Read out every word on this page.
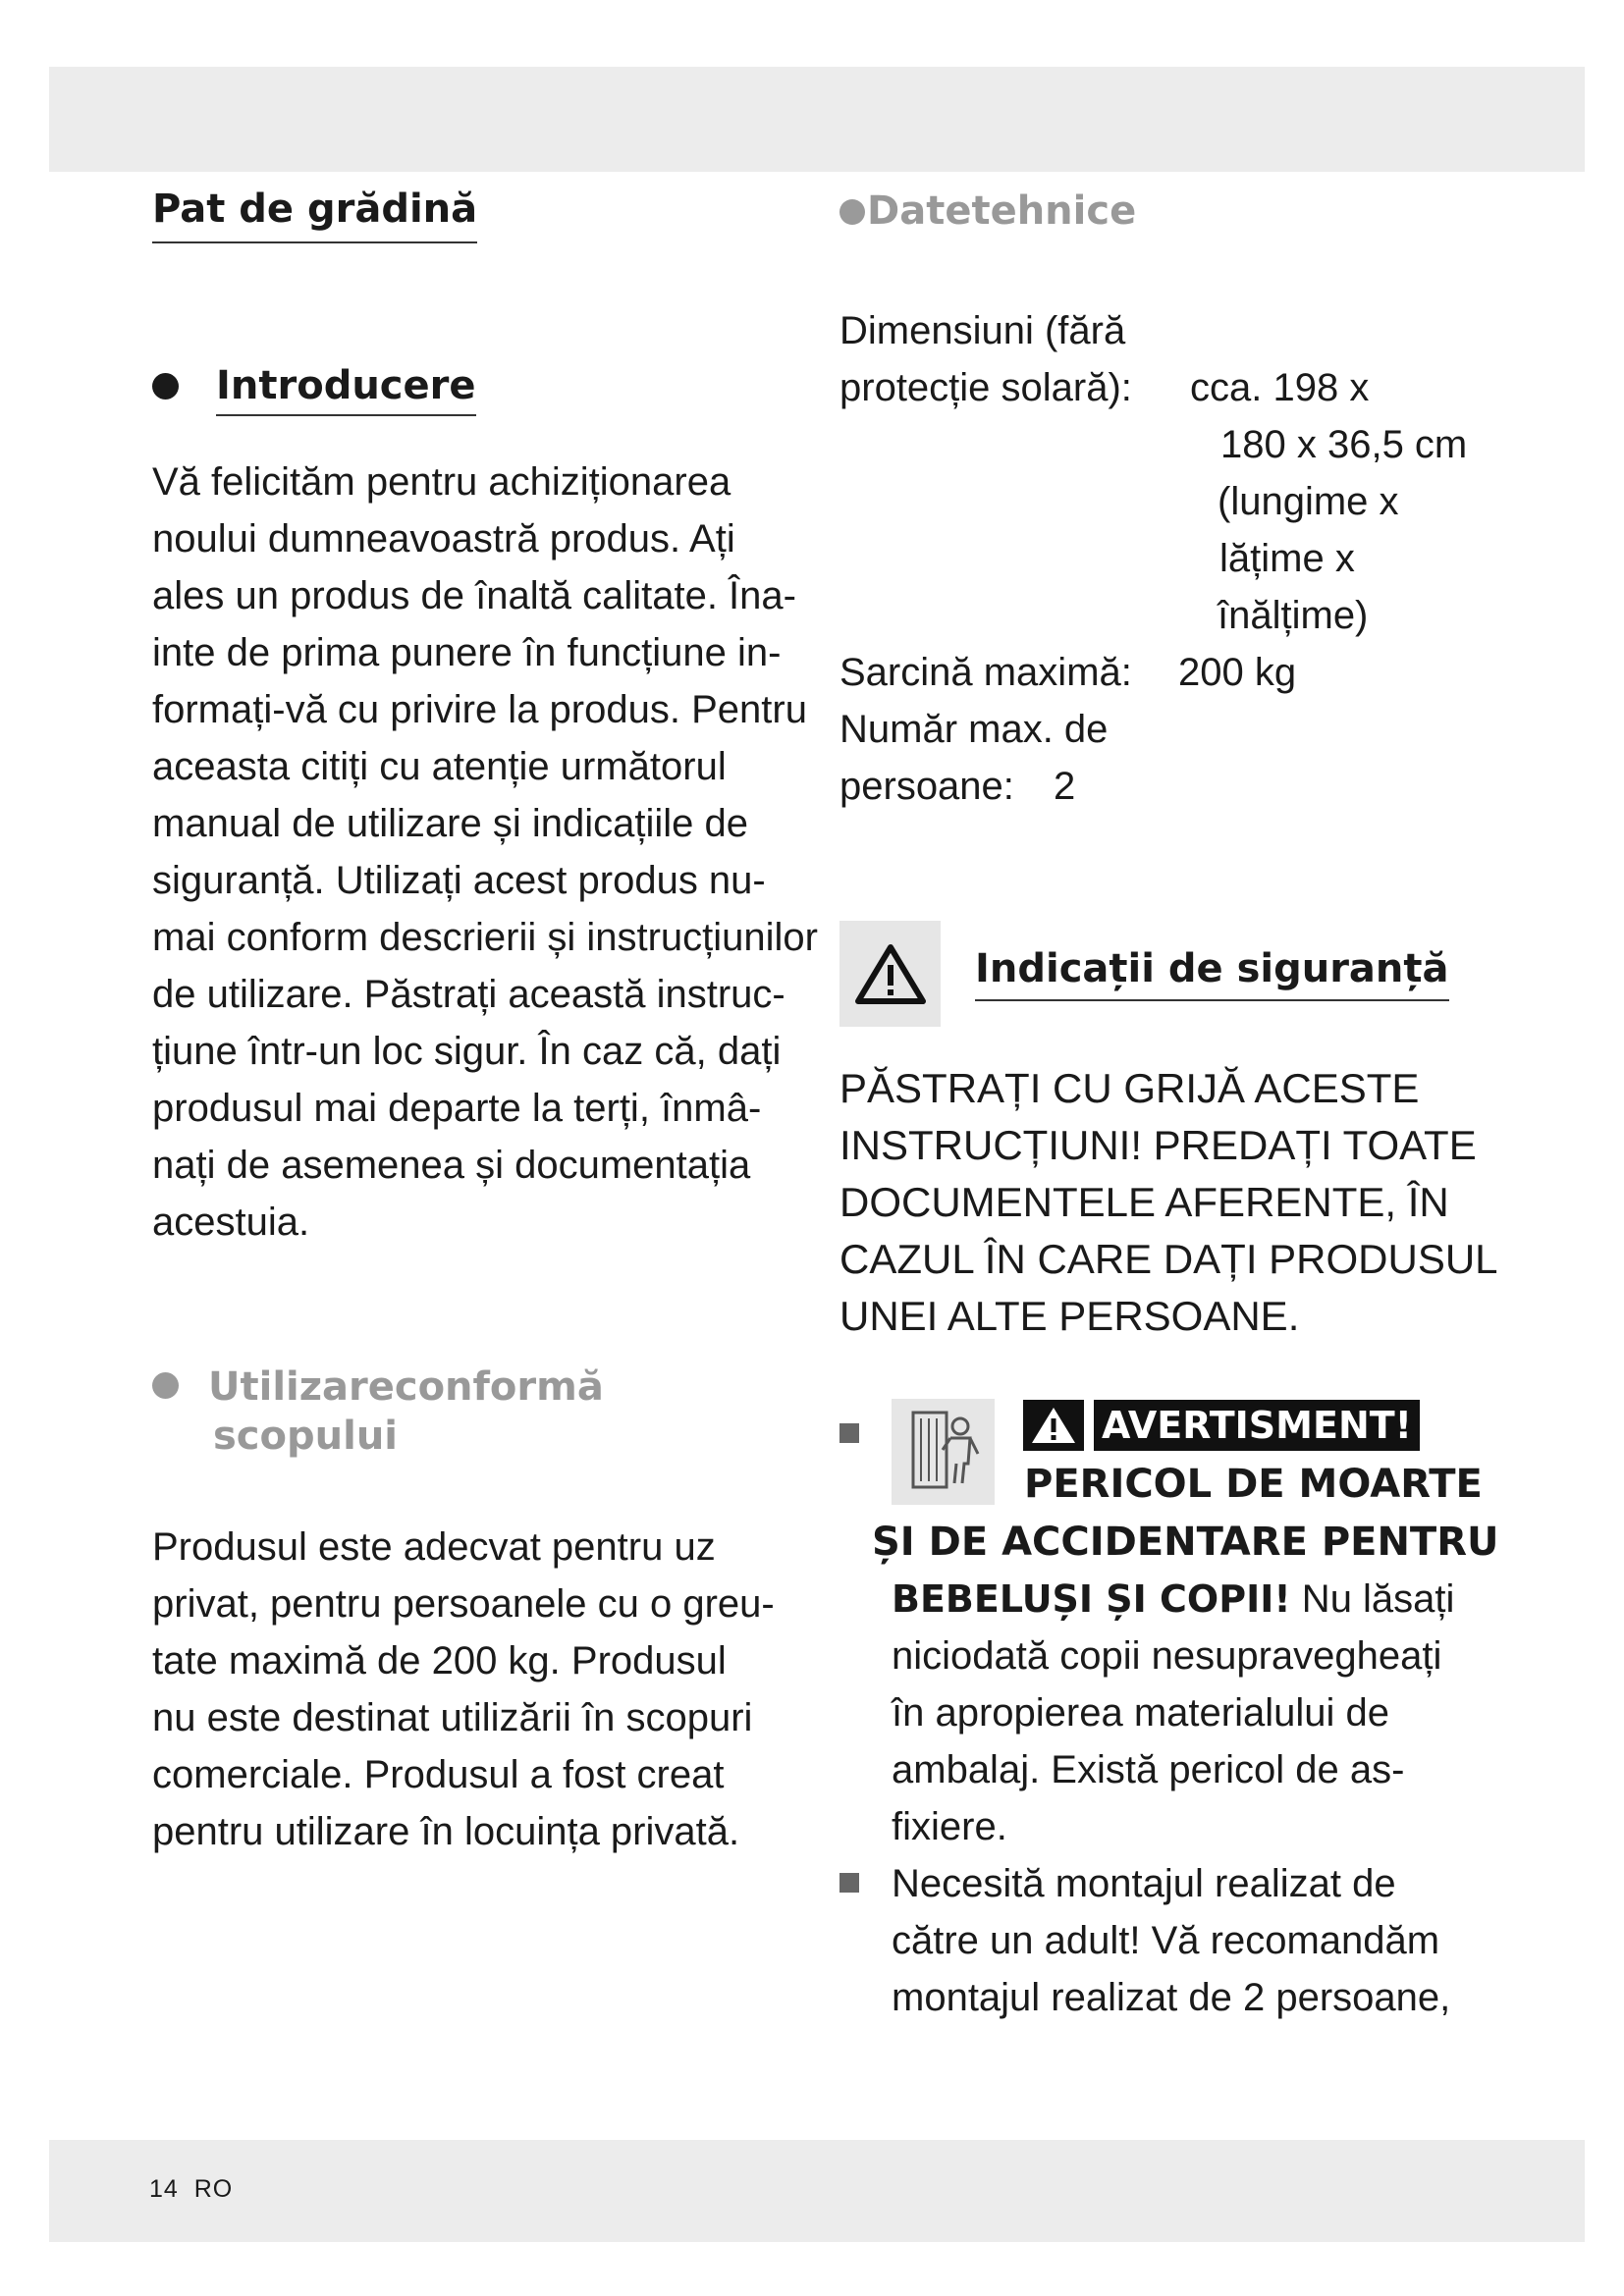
Pat de grădină
Introducere

Vă felicităm pentru achiziționarea
noului dumneavoastră produs. Ați
ales un produs de înaltă calitate. Îna-
inte de prima punere în funcțiune in-
formați-vă cu privire la produs. Pentru
aceasta citiți cu atenție următorul
manual de utilizare și indicațiile de
siguranță. Utilizați acest produs nu-
mai conform descrierii și instrucțiunilor
de utilizare. Păstrați această instruc-
țiune într-un loc sigur. În caz că, dați
produsul mai departe la terți, înmâ-
nați de asemenea și documentația
acestuia.

Utilizareconformă
scopului

Produsul este adecvat pentru uz
privat, pentru persoanele cu o greu-
tate maximă de 200 kg. Produsul
nu este destinat utilizării în scopuri
comerciale. Produsul a fost creat
pentru utilizare în locuința privată.

Datetehnice
Dimensiuni (fără
protecție solară): cca. 198 x
180 x 36,5 cm
(lungime x
lățime x
înălțime)
Sarcină maximă: 200 kg
Număr max. de
persoane: 2
Indicații de siguranță
PĂSTRAȚI CU GRIJĂ ACESTE
INSTRUCȚIUNI! PREDAȚI TOATE
DOCUMENTELE AFERENTE, ÎN
CAZUL ÎN CARE DAȚI PRODUSUL
UNEI ALTE PERSOANE.
AVERTISMENT!
PERICOL DE MOARTE
ȘI DE ACCIDENTARE PENTRU
BEBELUȘI ȘI COPII! Nu lăsați
niciodată copii nesupravegheați
în apropierea materialului de
ambalaj. Există pericol de as-
fixiere.
Necesită montajul realizat de
către un adult! Vă recomandăm
montajul realizat de 2 persoane,
14 RO
